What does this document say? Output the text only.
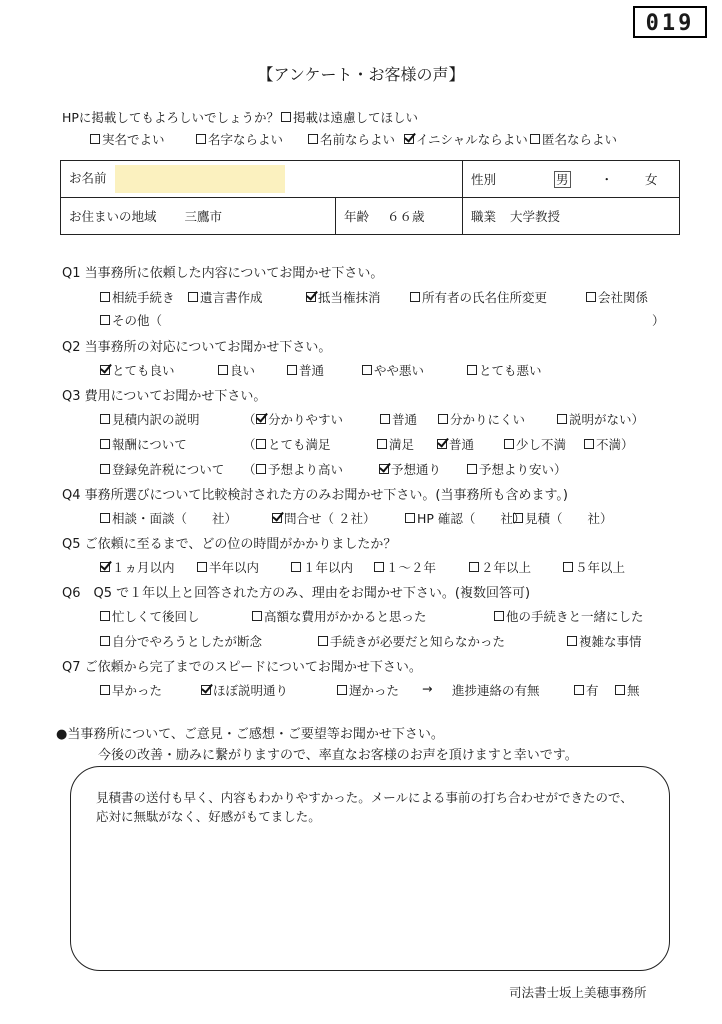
019
【アンケート・お客様の声】
HPに掲載してもよろしいでしょうか？ 掲載は遠慮してほしい
実名でよい	名字ならよい	名前ならよい イニシャルならよい 匿名ならよい
お名前		性別 男 ・ 女
お住まいの地域 三鷹市	年齢 ６６歳	職業 大学教授
Q1 当事務所に依頼した内容についてお聞かせ下さい。
相続手続き 遺言書作成	抵当権抹消	所有者の氏名住所変更	会社関係
その他（	）
Q2 当事務所の対応についてお聞かせ下さい。
とても良い	良い	普通	やや悪い	とても悪い
Q3 費用についてお聞かせ下さい。
見積内訳の説明	（ 分かりやすい	普通	分かりにくい	説明がない）
報酬について	（ とても満足	満足	普通	少し不満 不満）
登録免許税について （ 予想より高い	予想通り	予想より安い）
Q4 事務所選びについて比較検討された方のみお聞かせ下さい。(当事務所も含めます。)
相談・面談（　　社）	問合せ（ ２社）	HP 確認（　　社） 見積（　　社）
Q5 ご依頼に至るまで、どの位の時間がかかりましたか？
１ヵ月以内	半年以内	１年以内	１～２年	２年以上	５年以上
Q6　Q5 で１年以上と回答された方のみ、理由をお聞かせ下さい。(複数回答可)
忙しくて後回し	高額な費用がかかると思った	他の手続きと一緒にした
自分でやろうとしたが断念	手続きが必要だと知らなかった	複雑な事情
Q7 ご依頼から完了までのスピードについてお聞かせ下さい。
早かった	ほぼ説明通り	遅かった → 進捗連絡の有無	有 無
●当事務所について、ご意見・ご感想・ご要望等お聞かせ下さい。
今後の改善・励みに繋がりますので、率直なお客様のお声を頂けますと幸いです。
見積書の送付も早く、内容もわかりやすかった。メールによる事前の打ち合わせができたので、
応対に無駄がなく、好感がもてました。
司法書士坂上美穂事務所
